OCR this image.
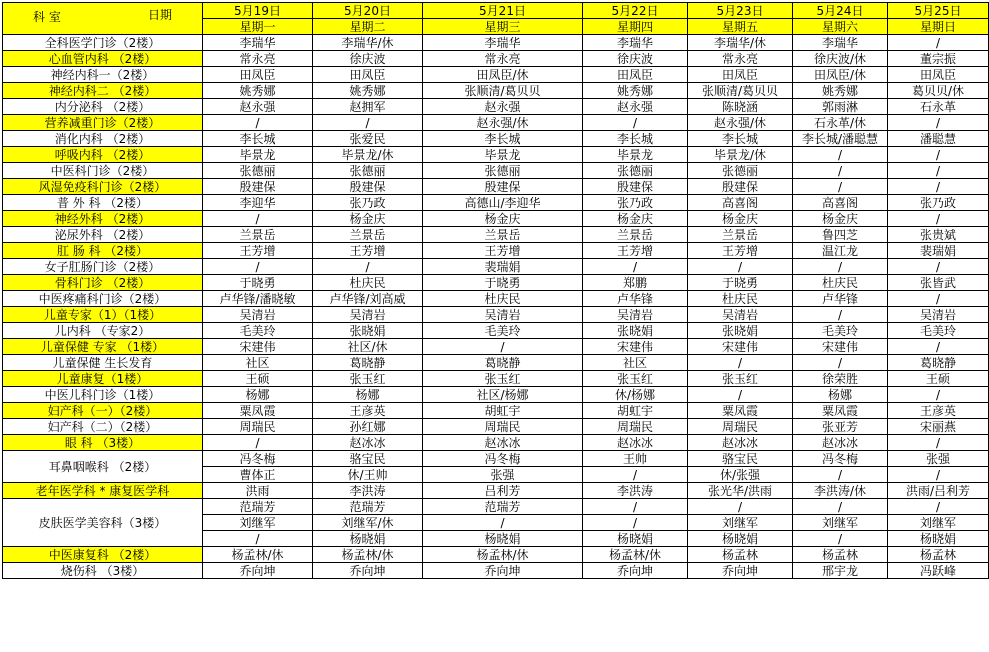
科 室 日期	5月19日	5月20日	5月21日	5月22日	5月23日	5月24日	5月25日
	星期一	星期二	星期三	星期四	星期五	星期六	星期日
全科医学门诊（2楼）	李瑞华	李瑞华/休	李瑞华	李瑞华	李瑞华/休	李瑞华	/
心血管内科 （2楼）	常永亮	徐庆波	常永亮	徐庆波	常永亮	徐庆波/休	董宗振
神经内科一（2楼）	田凤臣	田凤臣	田凤臣/休	田凤臣	田凤臣	田凤臣/休	田凤臣
神经内科二 （2楼）	姚秀娜	姚秀娜	张顺清/葛贝贝	姚秀娜	张顺清/葛贝贝	姚秀娜	葛贝贝/休
内分泌科 （2楼）	赵永强	赵拥军	赵永强	赵永强	陈晓涵	郭雨淋	石永革
营养减重门诊（2楼）	/	/	赵永强/休	/	赵永强/休	石永革/休	/
消化内科 （2楼）	李长城	张爱民	李长城	李长城	李长城	李长城/潘聪慧	潘聪慧
呼吸内科 （2楼）	毕景龙	毕景龙/休	毕景龙	毕景龙	毕景龙/休	/	/
中医科门诊（2楼）	张德丽	张德丽	张德丽	张德丽	张德丽	/	/
风湿免疫科门诊（2楼）	殷建保	殷建保	殷建保	殷建保	殷建保	/	/
普 外 科 （2楼）	李迎华	张乃政	高德山/李迎华	张乃政	高喜阁	高喜阁	张乃政
神经外科 （2楼）	/	杨金庆	杨金庆	杨金庆	杨金庆	杨金庆	/
泌尿外科 （2楼）	兰景岳	兰景岳	兰景岳	兰景岳	兰景岳	鲁四芝	张贵斌
肛 肠 科 （2楼）	王芳增	王芳增	王芳增	王芳增	王芳增	温江龙	裴瑞娟
女子肛肠门诊（2楼）	/	/	裴瑞娟	/	/	/	/
骨科门诊 （2楼）	于晓勇	杜庆民	于晓勇	郑鹏	于晓勇	杜庆民	张皆武
中医疼痛科门诊（2楼）	卢华锋/潘晓敏	卢华锋/刘高威	杜庆民	卢华锋	杜庆民	卢华锋	/
儿童专家（1）（1楼）	吴清岩	吴清岩	吴清岩	吴清岩	吴清岩	/	吴清岩
儿内科 （专家2）	毛美玲	张晓娟	毛美玲	张晓娟	张晓娟	毛美玲	毛美玲
儿童保健 专家 （1楼）	宋建伟	社区/休	/	宋建伟	宋建伟	宋建伟	/
儿童保健 生长发育	社区	葛晓静	葛晓静	社区	/	/	葛晓静
儿童康复（1楼）	王硕	张玉红	张玉红	张玉红	张玉红	徐荣胜	王硕
中医儿科门诊（1楼）	杨娜	杨娜	社区/杨娜	休/杨娜	/	杨娜	/
妇产科（一）（2楼）	粟凤霞	王彦英	胡虹宇	胡虹宇	粟凤霞	粟凤霞	王彦英
妇产科（二）（2楼）	周瑞民	孙红娜	周瑞民	周瑞民	周瑞民	张亚芳	宋丽燕
眼 科 （3楼）	/	赵冰冰	赵冰冰	赵冰冰	赵冰冰	赵冰冰	/
耳鼻咽喉科 （2楼）	冯冬梅	骆宝民	冯冬梅	王帅	骆宝民	冯冬梅	张强
	曹体正	休/王帅	张强	/	休/张强	/	/
老年医学科 * 康复医学科	洪雨	李洪涛	吕利芳	李洪涛	张光华/洪雨	李洪涛/休	洪雨/吕利芳
皮肤医学美容科（3楼）	范瑞芳	范瑞芳	范瑞芳	/	/	/	/
	刘继军	刘继军/休	/	/	刘继军	刘继军	刘继军
	/	杨晓娟	杨晓娟	杨晓娟	杨晓娟	/	杨晓娟
中医康复科 （2楼）	杨孟林/休	杨孟林/休	杨孟林/休	杨孟林/休	杨孟林	杨孟林	杨孟林
烧伤科 （3楼）	乔向坤	乔向坤	乔向坤	乔向坤	乔向坤	邢宇龙	冯跃峰
